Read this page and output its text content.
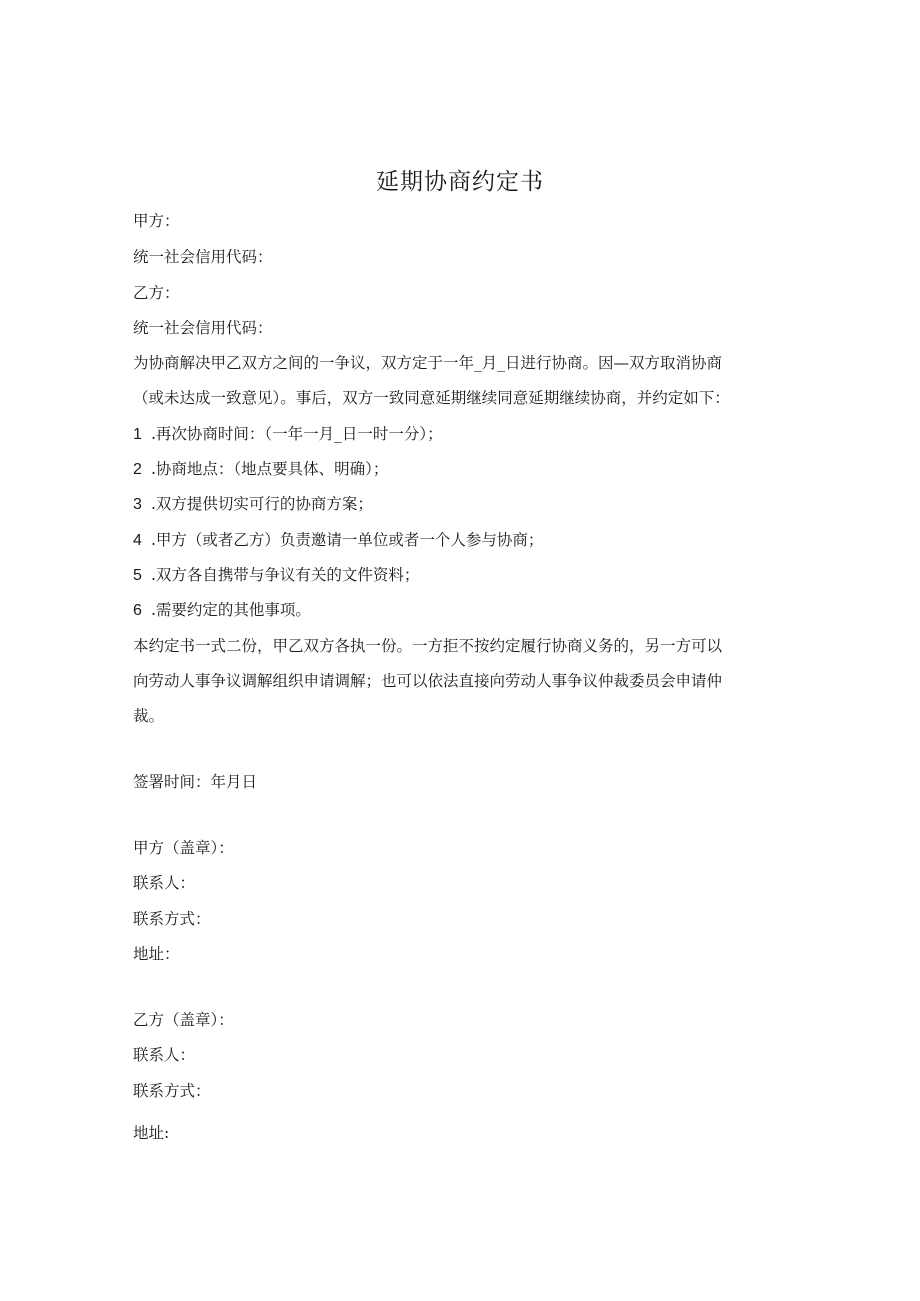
延期协商约定书
甲方：
统一社会信用代码：
乙方：
统一社会信用代码：
为协商解决甲乙双方之间的一争议，双方定于一年_月_日进行协商。因—双方取消协商
（或未达成一致意见）。事后，双方一致同意延期继续同意延期继续协商，并约定如下：
1 .再次协商时间：（一年一月_日一时一分）；
2 .协商地点：（地点要具体、明确）；
3 .双方提供切实可行的协商方案；
4 .甲方（或者乙方）负责邀请一单位或者一个人参与协商；
5 .双方各自携带与争议有关的文件资料；
6 .需要约定的其他事项。
本约定书一式二份，甲乙双方各执一份。一方拒不按约定履行协商义务的，另一方可以
向劳动人事争议调解组织申请调解；也可以依法直接向劳动人事争议仲裁委员会申请仲
裁。
签署时间：年月日
甲方（盖章）：
联系人：
联系方式：
地址：
乙方（盖章）：
联系人：
联系方式：
地址:
